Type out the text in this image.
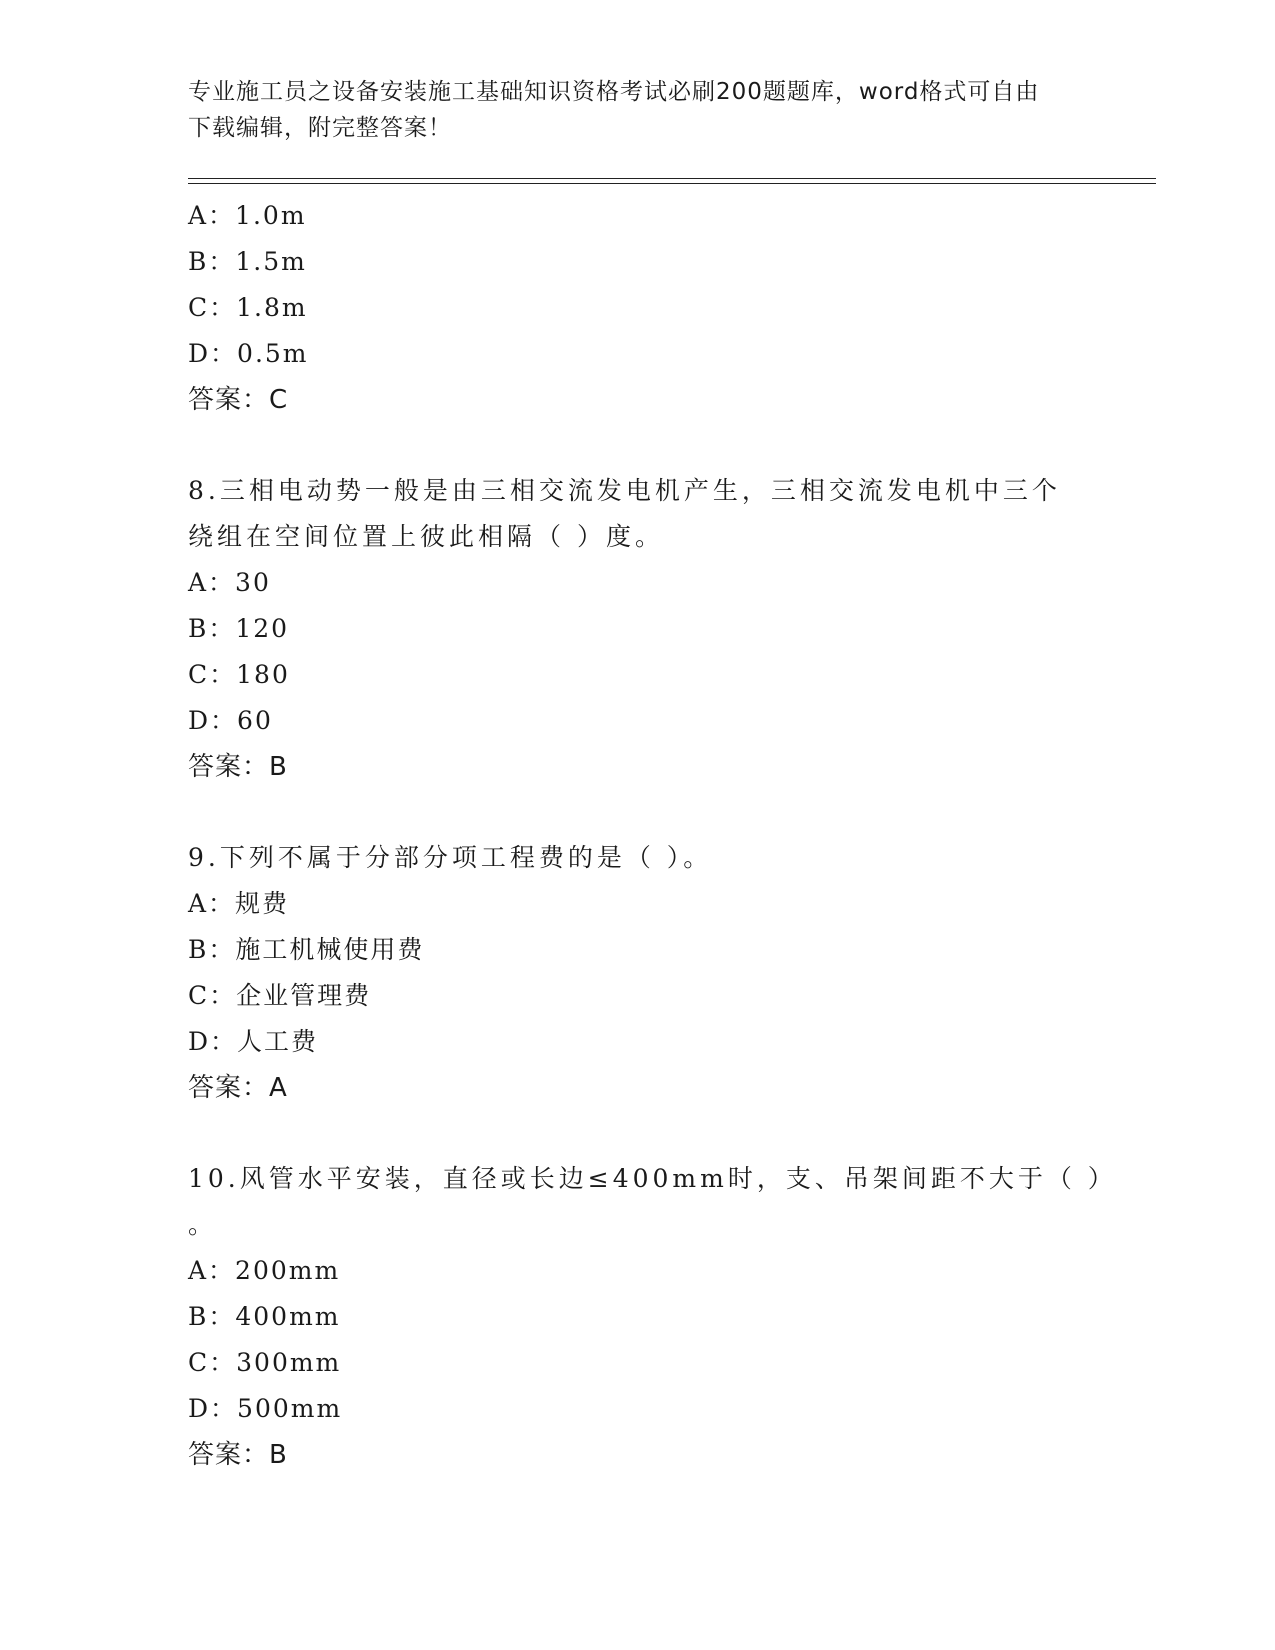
专业施工员之设备安装施工基础知识资格考试必刷200题题库，word格式可自由
下载编辑，附完整答案！
A：1.0m
B：1.5m
C：1.8m
D：0.5m
答案：C
8.三相电动势一般是由三相交流发电机产生，三相交流发电机中三个
绕组在空间位置上彼此相隔（ ）度。
A：30
B：120
C：180
D：60
答案：B
9.下列不属于分部分项工程费的是（ ）。
A：规费
B：施工机械使用费
C：企业管理费
D：人工费
答案：A
10.风管水平安装，直径或长边≤400mm时，支、吊架间距不大于（ ）
。
A：200mm
B：400mm
C：300mm
D：500mm
答案：B
